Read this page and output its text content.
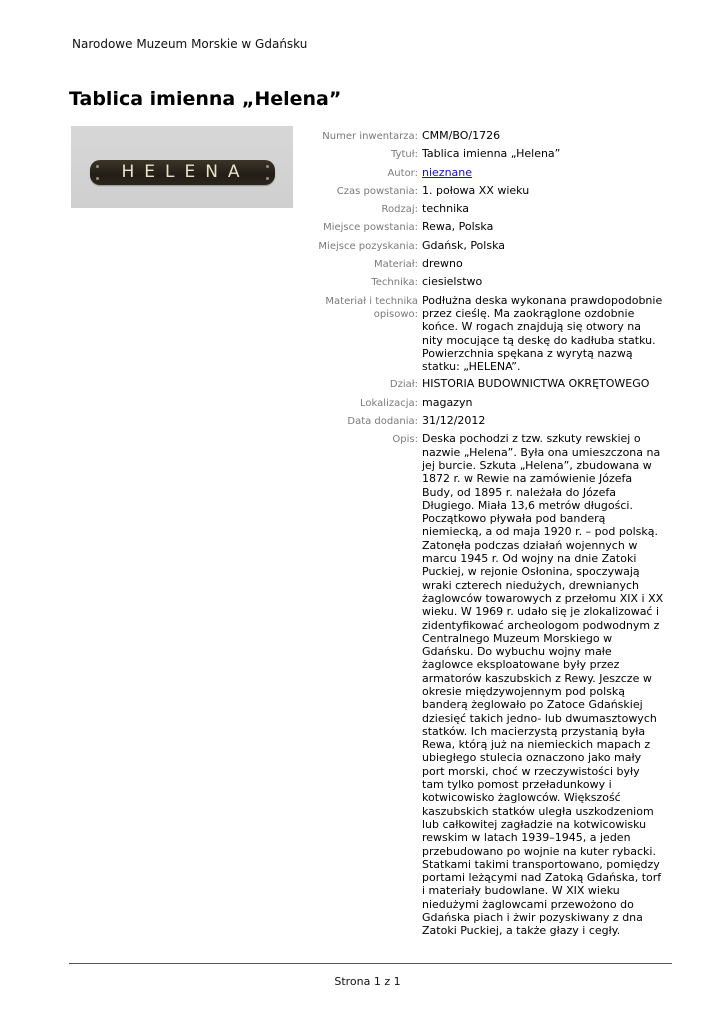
Narodowe Muzeum Morskie w Gdańsku
Tablica imienna „Helena”
HELENA
Numer inwentarza: CMM/BO/1726
Tytuł: Tablica imienna „Helena”
Autor: nieznane
Czas powstania: 1. połowa XX wieku
Rodzaj: technika
Miejsce powstania: Rewa, Polska
Miejsce pozyskania: Gdańsk, Polska
Materiał: drewno
Technika: ciesielstwo
Materiał i technika opisowo:
Podłużna deska wykonana prawdopodobnie przez cieślę. Ma zaokrąglone ozdobnie końce. W rogach znajdują się otwory na nity mocujące tą deskę do kadłuba statku. Powierzchnia spękana z wyrytą nazwą statku: „HELENA”.
Dział: HISTORIA BUDOWNICTWA OKRĘTOWEGO
Lokalizacja: magazyn
Data dodania: 31/12/2012
Opis: Deska pochodzi z tzw. szkuty rewskiej o nazwie „Helena”. Była ona umieszczona na jej burcie. Szkuta „Helena”, zbudowana w 1872 r. w Rewie na zamówienie Józefa Budy, od 1895 r. należała do Józefa Długiego. Miała 13,6 metrów długości. Początkowo pływała pod banderą niemiecką, a od maja 1920 r. – pod polską. Zatonęła podczas działań wojennych w marcu 1945 r. Od wojny na dnie Zatoki Puckiej, w rejonie Osłonina, spoczywają wraki czterech niedużych, drewnianych żaglowców towarowych z przełomu XIX i XX wieku. W 1969 r. udało się je zlokalizować i zidentyfikować archeologom podwodnym z Centralnego Muzeum Morskiego w Gdańsku. Do wybuchu wojny małe żaglowce eksploatowane były przez armatorów kaszubskich z Rewy. Jeszcze w okresie międzywojennym pod polską banderą żeglowało po Zatoce Gdańskiej dziesięć takich jedno- lub dwumasztowych statków. Ich macierzystą przystanią była Rewa, którą już na niemieckich mapach z ubiegłego stulecia oznaczono jako mały port morski, choć w rzeczywistości były tam tylko pomost przeładunkowy i kotwicowisko żaglowców. Większość kaszubskich statków uległa uszkodzeniom lub całkowitej zagładzie na kotwicowisku rewskim w latach 1939–1945, a jeden przebudowano po wojnie na kuter rybacki. Statkami takimi transportowano, pomiędzy portami leżącymi nad Zatoką Gdańska, torf i materiały budowlane. W XIX wieku niedużymi żaglowcami przewożono do Gdańska piach i żwir pozyskiwany z dna Zatoki Puckiej, a także głazy i cegły.
Strona 1 z 1
